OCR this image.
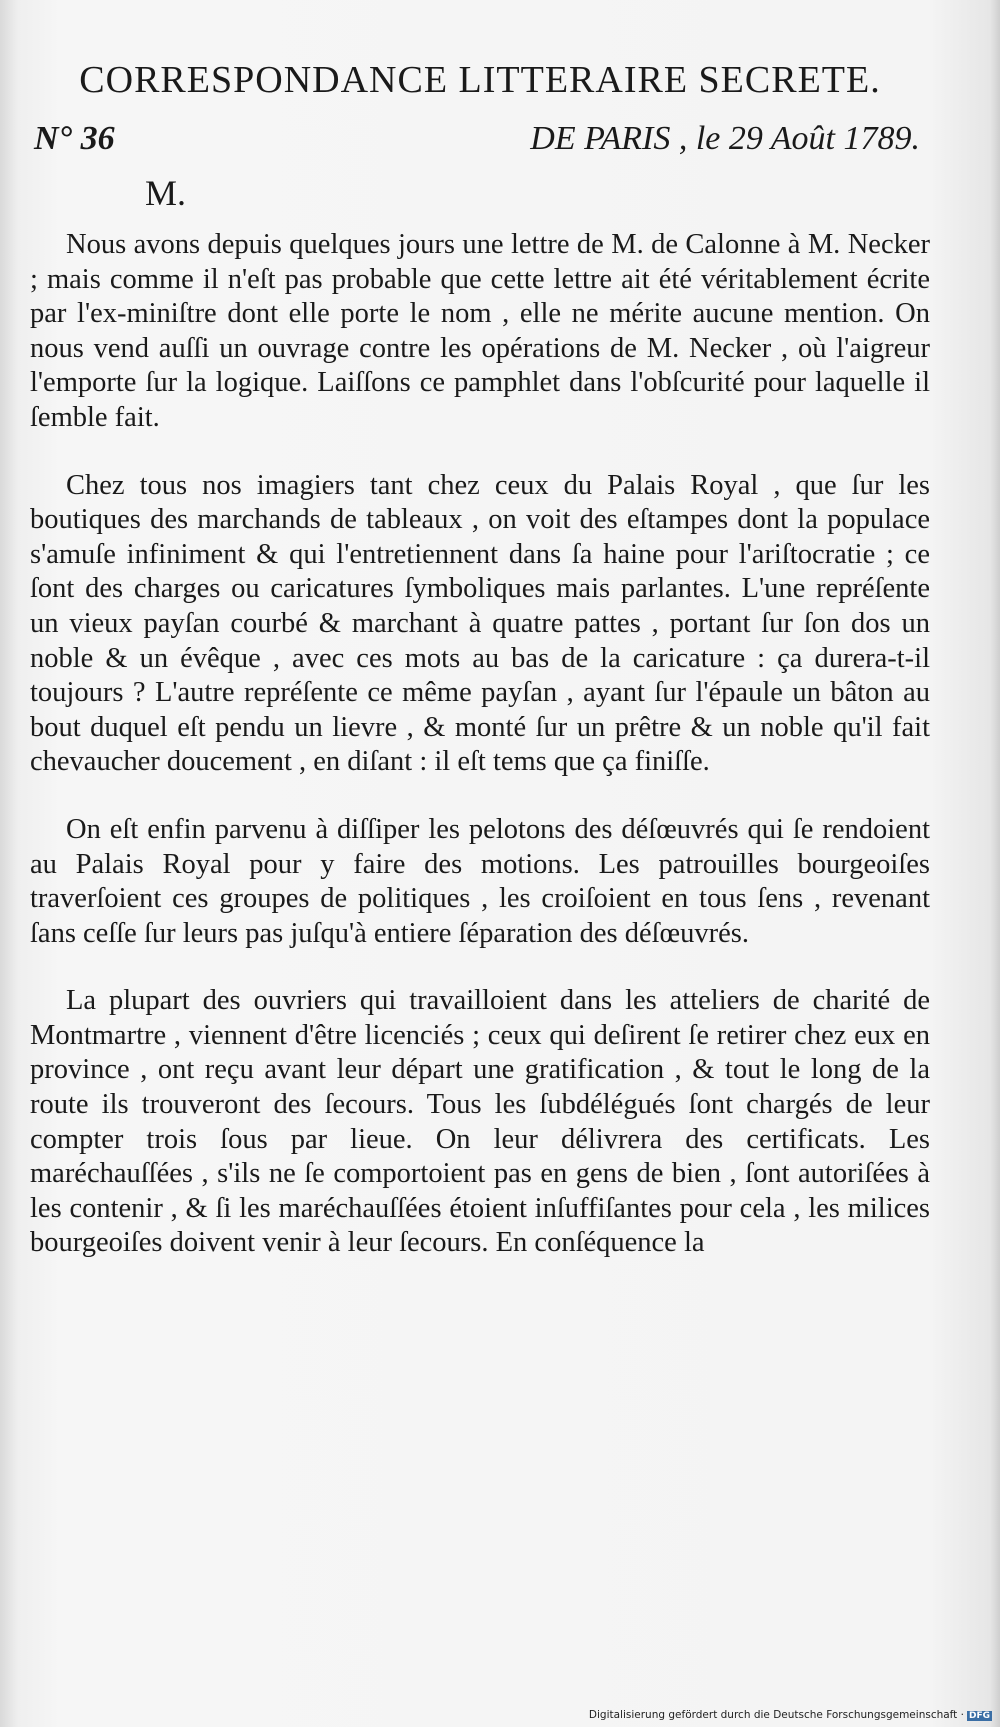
CORRESPONDANCE LITTERAIRE SECRETE.
N° 36	DE PARIS , le 29 Août 1789.
M.

Nous avons depuis quelques jours une lettre de M. de Calonne à M. Necker ; mais comme il n'eſt pas probable que cette lettre ait été véritablement écrite par l'ex-miniſtre dont elle porte le nom , elle ne mérite aucune mention. On nous vend auſſi un ouvrage contre les opérations de M. Necker , où l'aigreur l'emporte ſur la logique. Laiſſons ce pamphlet dans l'obſcurité pour laquelle il ſemble fait.

Chez tous nos imagiers tant chez ceux du Palais Royal , que ſur les boutiques des marchands de tableaux , on voit des eſtampes dont la populace s'amuſe infiniment & qui l'entretiennent dans ſa haine pour l'ariſtocratie ; ce ſont des charges ou caricatures ſymboliques mais parlantes. L'une repréſente un vieux payſan courbé & marchant à quatre pattes , portant ſur ſon dos un noble & un évêque , avec ces mots au bas de la caricature : ça durera-t-il toujours ? L'autre repréſente ce même payſan , ayant ſur l'épaule un bâton au bout duquel eſt pendu un lievre , & monté ſur un prêtre & un noble qu'il fait chevaucher doucement , en diſant : il eſt tems que ça finiſſe.

On eſt enfin parvenu à diſſiper les pelotons des déſœuvrés qui ſe rendoient au Palais Royal pour y faire des motions. Les patrouilles bourgeoiſes traverſoient ces groupes de politiques , les croiſoient en tous ſens , revenant ſans ceſſe ſur leurs pas juſqu'à entiere ſéparation des déſœuvrés.

La plupart des ouvriers qui travailloient dans les atteliers de charité de Montmartre , viennent d'être licenciés ; ceux qui deſirent ſe retirer chez eux en province , ont reçu avant leur départ une gratification , & tout le long de la route ils trouveront des ſecours. Tous les ſubdélégués ſont chargés de leur compter trois ſous par lieue. On leur délivrera des certificats. Les maréchauſſées , s'ils ne ſe comportoient pas en gens de bien , ſont autoriſées à les contenir , & ſi les maréchauſſées étoient inſuffiſantes pour cela , les milices bourgeoiſes doivent venir à leur ſecours. En conſéquence la

Digitalisierung gefördert durch die Deutsche Forschungsgemeinschaft · DFG
